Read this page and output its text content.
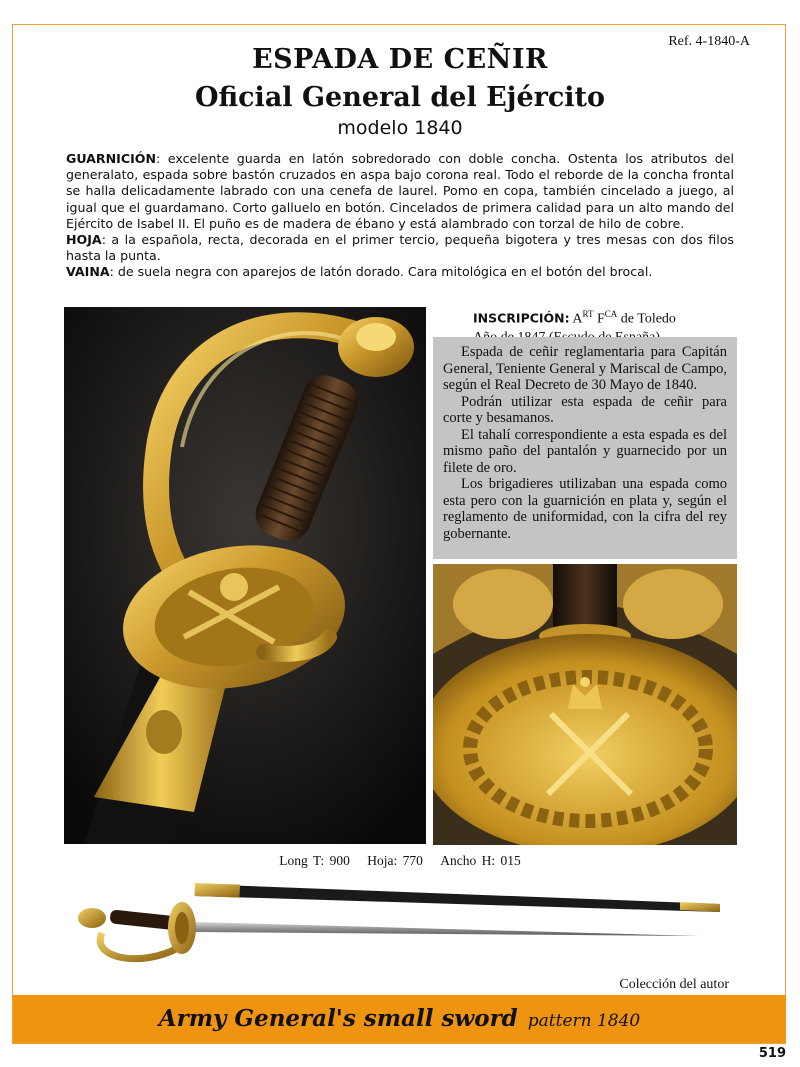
Ref. 4-1840-A
ESPADA DE CEÑIR
Oficial General del Ejército
modelo 1840

GUARNICIÓN: excelente guarda en latón sobredorado con doble concha. Ostenta los atributos del generalato, espada sobre bastón cruzados en aspa bajo corona real. Todo el reborde de la concha frontal se halla delicadamente labrado con una cenefa de laurel. Pomo en copa, también cincelado a juego, al igual que el guardamano. Corto galluelo en botón. Cincelados de primera calidad para un alto mando del Ejército de Isabel II. El puño es de madera de ébano y está alambrado con torzal de hilo de cobre.

HOJA: a la española, recta, decorada en el primer tercio, pequeña bigotera y tres mesas con dos filos hasta la punta.

VAINA: de suela negra con aparejos de latón dorado. Cara mitológica en el botón del brocal.

INSCRIPCIÓN: $A^{RT}$ $F^{CA}$ de Toledo

Espada de ceñir reglamentaria para Capitán General, Teniente General y Mariscal de Campo, según el Real Decreto de 30 Mayo de 1840.

Podrán utilizar esta espada de ceñir para corte y besamanos.

El tahalí correspondiente a esta espada es del mismo paño del pantalón y guarnecido por un filete de oro.

Los brigadieres utilizaban una espada como esta pero con la guarnición en plata y, según el reglamento de uniformidad, con la cifra del rey gobernante.

Long T: 900 Hoja: 770 Ancho H: 015
Colección del autor
Army General's small sword pattern 1840
519
